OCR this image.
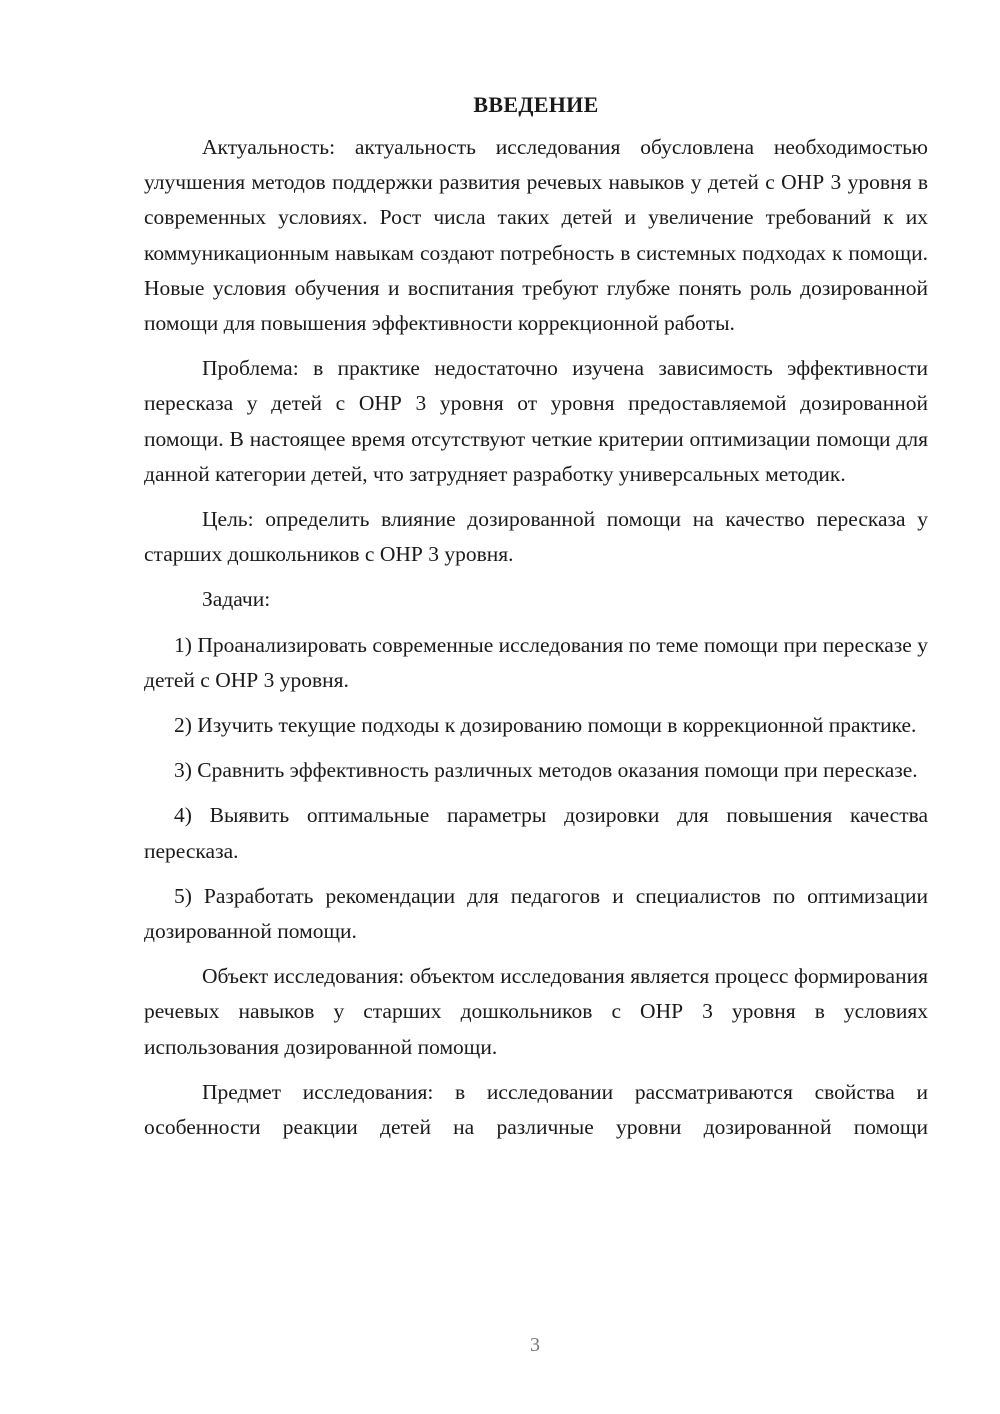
ВВЕДЕНИЕ

Актуальность: актуальность исследования обусловлена необходимостью улучшения методов поддержки развития речевых навыков у детей с ОНР 3 уровня в современных условиях. Рост числа таких детей и увеличение требований к их коммуникационным навыкам создают потребность в системных подходах к помощи. Новые условия обучения и воспитания требуют глубже понять роль дозированной помощи для повышения эффективности коррекционной работы.

Проблема: в практике недостаточно изучена зависимость эффективности пересказа у детей с ОНР 3 уровня от уровня предоставляемой дозированной помощи. В настоящее время отсутствуют четкие критерии оптимизации помощи для данной категории детей, что затрудняет разработку универсальных методик.

Цель: определить влияние дозированной помощи на качество пересказа у старших дошкольников с ОНР 3 уровня.

Задачи:

1) Проанализировать современные исследования по теме помощи при пересказе у детей с ОНР 3 уровня.

2) Изучить текущие подходы к дозированию помощи в коррекционной практике.

3) Сравнить эффективность различных методов оказания помощи при пересказе.

4) Выявить оптимальные параметры дозировки для повышения качества пересказа.

5) Разработать рекомендации для педагогов и специалистов по оптимизации дозированной помощи.

Объект исследования: объектом исследования является процесс формирования речевых навыков у старших дошкольников с ОНР 3 уровня в условиях использования дозированной помощи.

Предмет исследования: в исследовании рассматриваются свойства и особенности реакции детей на различные уровни дозированной помощи

3
